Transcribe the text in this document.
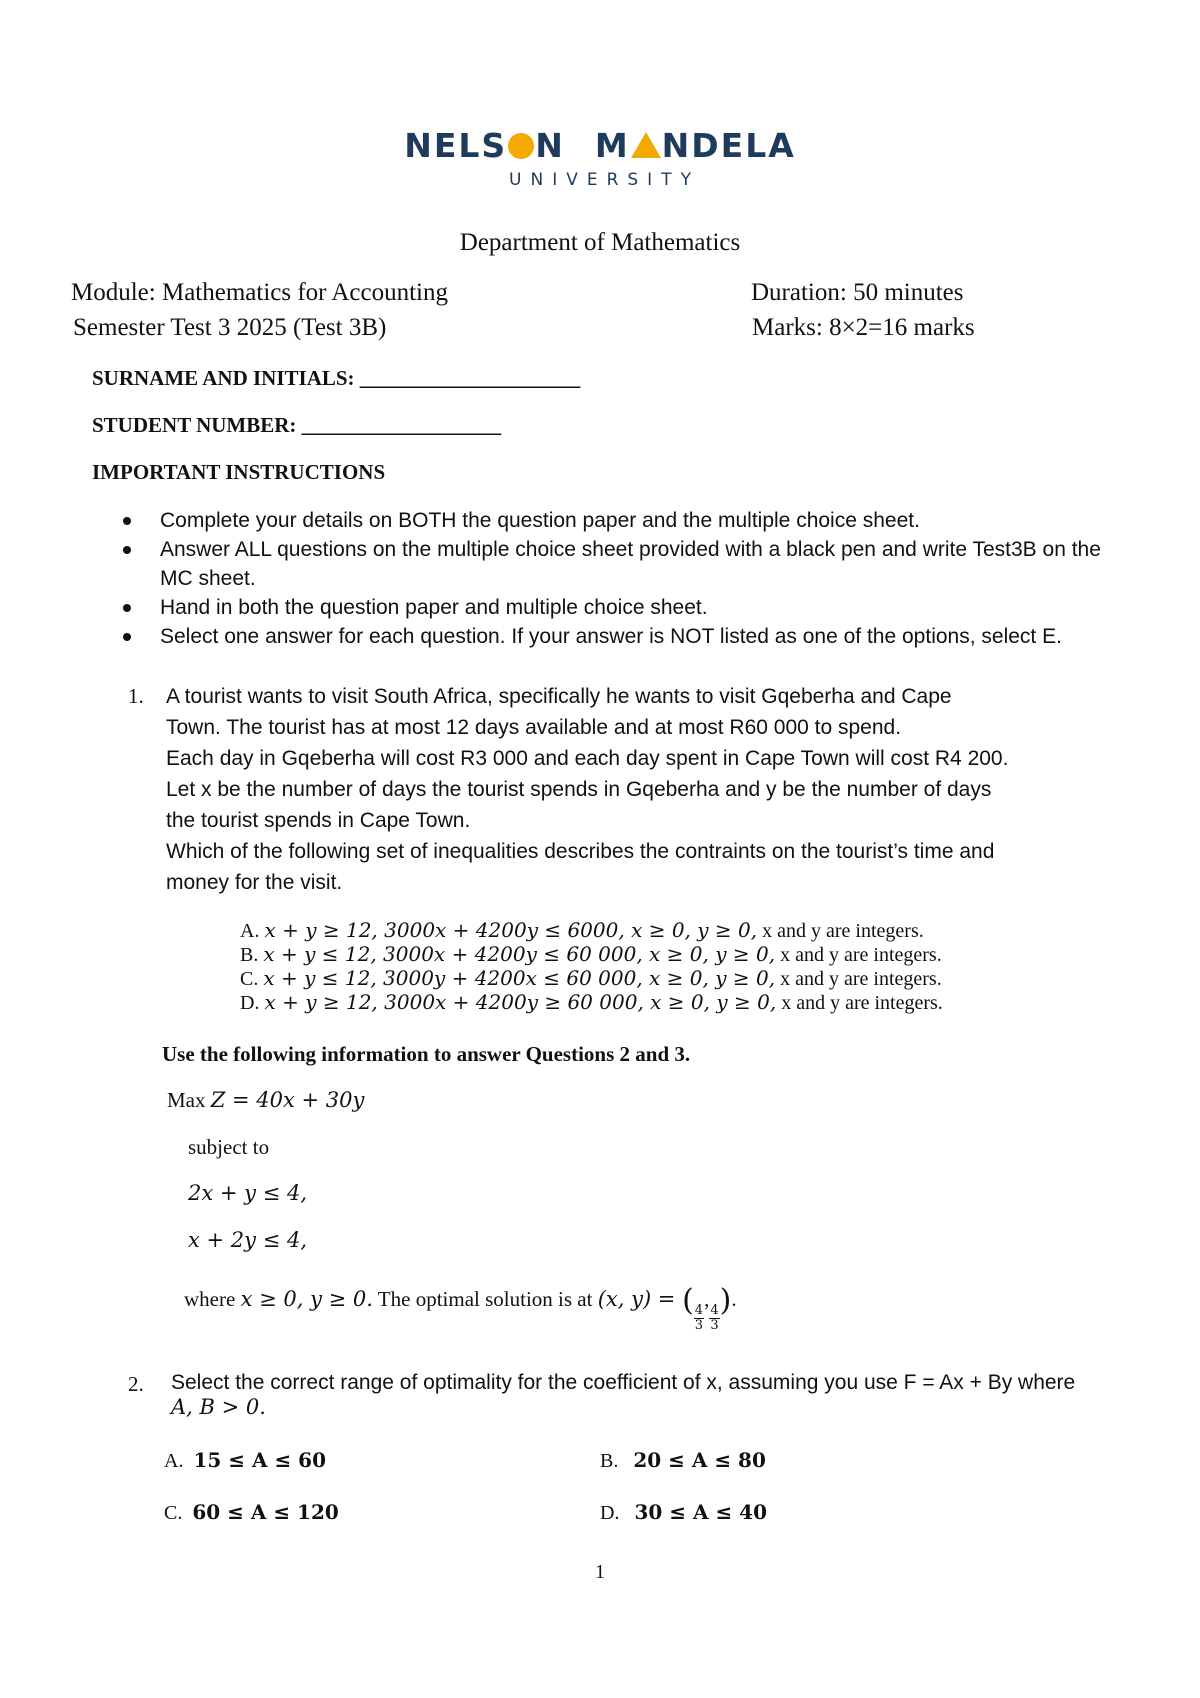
NELS N M NDELA
UNIVERSITY
Department of Mathematics
Module: Mathematics for Accounting
Semester Test 3 2025 (Test 3B)
Duration: 50 minutes
Marks: 8×2=16 marks
SURNAME AND INITIALS: _____________________
STUDENT NUMBER: ___________________
IMPORTANT INSTRUCTIONS
Complete your details on BOTH the question paper and the multiple choice sheet.
Answer ALL questions on the multiple choice sheet provided with a black pen and write Test3B on the MC sheet.
Hand in both the question paper and multiple choice sheet.
Select one answer for each question. If your answer is NOT listed as one of the options, select E.
1. A tourist wants to visit South Africa, specifically he wants to visit Gqeberha and Cape
Town. The tourist has at most 12 days available and at most R60 000 to spend.
Each day in Gqeberha will cost R3 000 and each day spent in Cape Town will cost R4 200.
Let x be the number of days the tourist spends in Gqeberha and y be the number of days
the tourist spends in Cape Town.
Which of the following set of inequalities describes the contraints on the tourist’s time and
money for the visit.
A. x + y ≥ 12, 3000x + 4200y ≤ 6000, x ≥ 0, y ≥ 0, x and y are integers.
B. x + y ≤ 12, 3000x + 4200y ≤ 60 000, x ≥ 0, y ≥ 0, x and y are integers.
C. x + y ≤ 12, 3000y + 4200x ≤ 60 000, x ≥ 0, y ≥ 0, x and y are integers.
D. x + y ≥ 12, 3000x + 4200y ≥ 60 000, x ≥ 0, y ≥ 0, x and y are integers.
Use the following information to answer Questions 2 and 3.
Max Z = 40x + 30y
subject to
2x + y ≤ 4,
x + 2y ≤ 4,
where x ≥ 0, y ≥ 0. The optimal solution is at (x, y) = (
$\frac{4}{3}$
,
$\frac{4}{3}$
).
2. Select the correct range of optimality for the coefficient of x, assuming you use F = Ax + By where
A, B > 0.
A. 15 ≤ A ≤ 60	B. 20 ≤ A ≤ 80
C. 60 ≤ A ≤ 120	D. 30 ≤ A ≤ 40
1
